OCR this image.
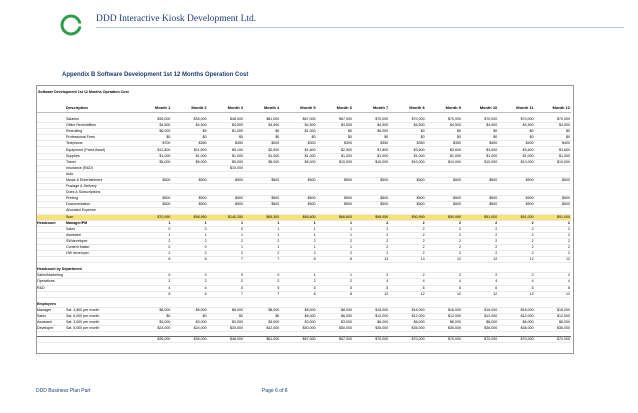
DDD Interactive Kiosk Development Ltd.
Appendix B Software Development 1st 12 Months Operation Cost
Software Development 1st 12 Months Operation Cost
	Description	Month 1	Month 2	Month 3	Month 4	Month 5	Month 6	Month 7	Month 8	Month 9	Month 10	Month 11	Month 12

	Salaries	$35,000	$35,000	$48,000	$61,000	$67,000	$67,000	$70,000	$70,000	$70,000	$70,000	$70,000	$70,000
	Office Rent/utilities	$4,500	$4,500	$4,500	$4,500	$4,500	$4,500	$4,500	$4,500	$4,500	$4,500	$4,500	$4,500
	Recruiting	$6,000	$0	$1,000	$0	$1,000	$0	$6,000	$0	$0	$0	$0	$0
	Professional Fees	$0	$0	$0	$0	$0	$0	$0	$0	$0	$0	$0	$0
	Telephone	$700	$350	$450	$200	$300	$300	$350	$350	$350	$400	$400	$400
	Equipment (Fixed Asset)	$12,800	$11,800	$5,100	$2,500	$1,600	$2,500	$7,800	$3,600	$3,600	$3,600	$3,600	$3,600
	Supplies	$1,000	$1,000	$1,000	$1,000	$1,000	$1,000	$1,000	$1,000	$1,000	$1,000	$1,000	$1,000
	Travel	$5,000	$5,000	$5,000	$5,000	$5,000	$10,000	$10,000	$10,000	$10,000	$10,000	$10,000	$10,000
	Insurance (R&D)			$10,000									
	Auto												
	Meals & Entertainment	$500	$500	$500	$500	$500	$500	$500	$500	$500	$500	$500	$500
	Postage & Delivery												
	Dues & Subscriptions												
	Printing	$500	$500	$500	$500	$500	$500	$500	$500	$500	$500	$500	$500
	Documentation	$500	$500	$500	$500	$500	$500	$500	$500	$500	$500	$500	$500
	Allocated Expense												
	Sum	$70,990	$98,950	$140,350	$95,300	$65,600	$66,600	$98,950	$90,990	$90,990	$91,000	$91,000	$91,000
Headcount	Manager/PM	1	1	1	1	1	1	2	2	2	2	2	2
	Sales	0	0	0	1	1	1	2	2	2	2	2	2
	Assistant	1	1	1	1	1	1	2	2	2	2	2	2
	SWdeveloper	2	2	2	2	2	2	2	2	2	2	2	2
	Content Maker	0	0	1	1	1	1	2	2	2	2	2	2
	HW developer	2	2	2	2	2	2	2	2	2	2	2	2
		6	6	7	7	8	8	13	13	12	12	12	12

Headcount by Department													
Sales/Marketing		0	0	0	0	1	1	2	2	2	2	2	2
Operations		2	2	2	2	2	2	4	4	4	4	4	4
R&D		4	4	5	5	5	5	6	6	6	6	6	6
		6	6	7	7	8	8	12	12	12	12	12	12

Employees													
Manager	Sal: 4,800 per month	$8,000	$8,000	$8,000	$8,000	$8,000	$8,000	$16,000	$16,000	$16,000	$16,000	$16,000	$16,000
Sales	Sal: 6,000 per month	$0	$0	$0	$0	$6,000	$6,000	$12,000	$12,000	$12,000	$12,000	$12,000	$12,000
Assistant	Sal: 3,000 per month	$3,000	$3,000	$3,000	$3,000	$3,000	$3,000	$6,000	$6,000	$6,000	$6,000	$6,000	$6,000
Developer	Sal: 5,000 per month	$24,000	$24,000	$30,000	$42,000	$50,000	$50,000	$36,000	$36,000	$36,000	$36,000	$36,000	$36,000

		$35,000	$35,000	$48,000	$61,000	$67,000	$67,000	$70,000	$70,000	$70,000	$70,000	$70,000	$70,000
DDD Business Plan Part	Page 6 of 8
